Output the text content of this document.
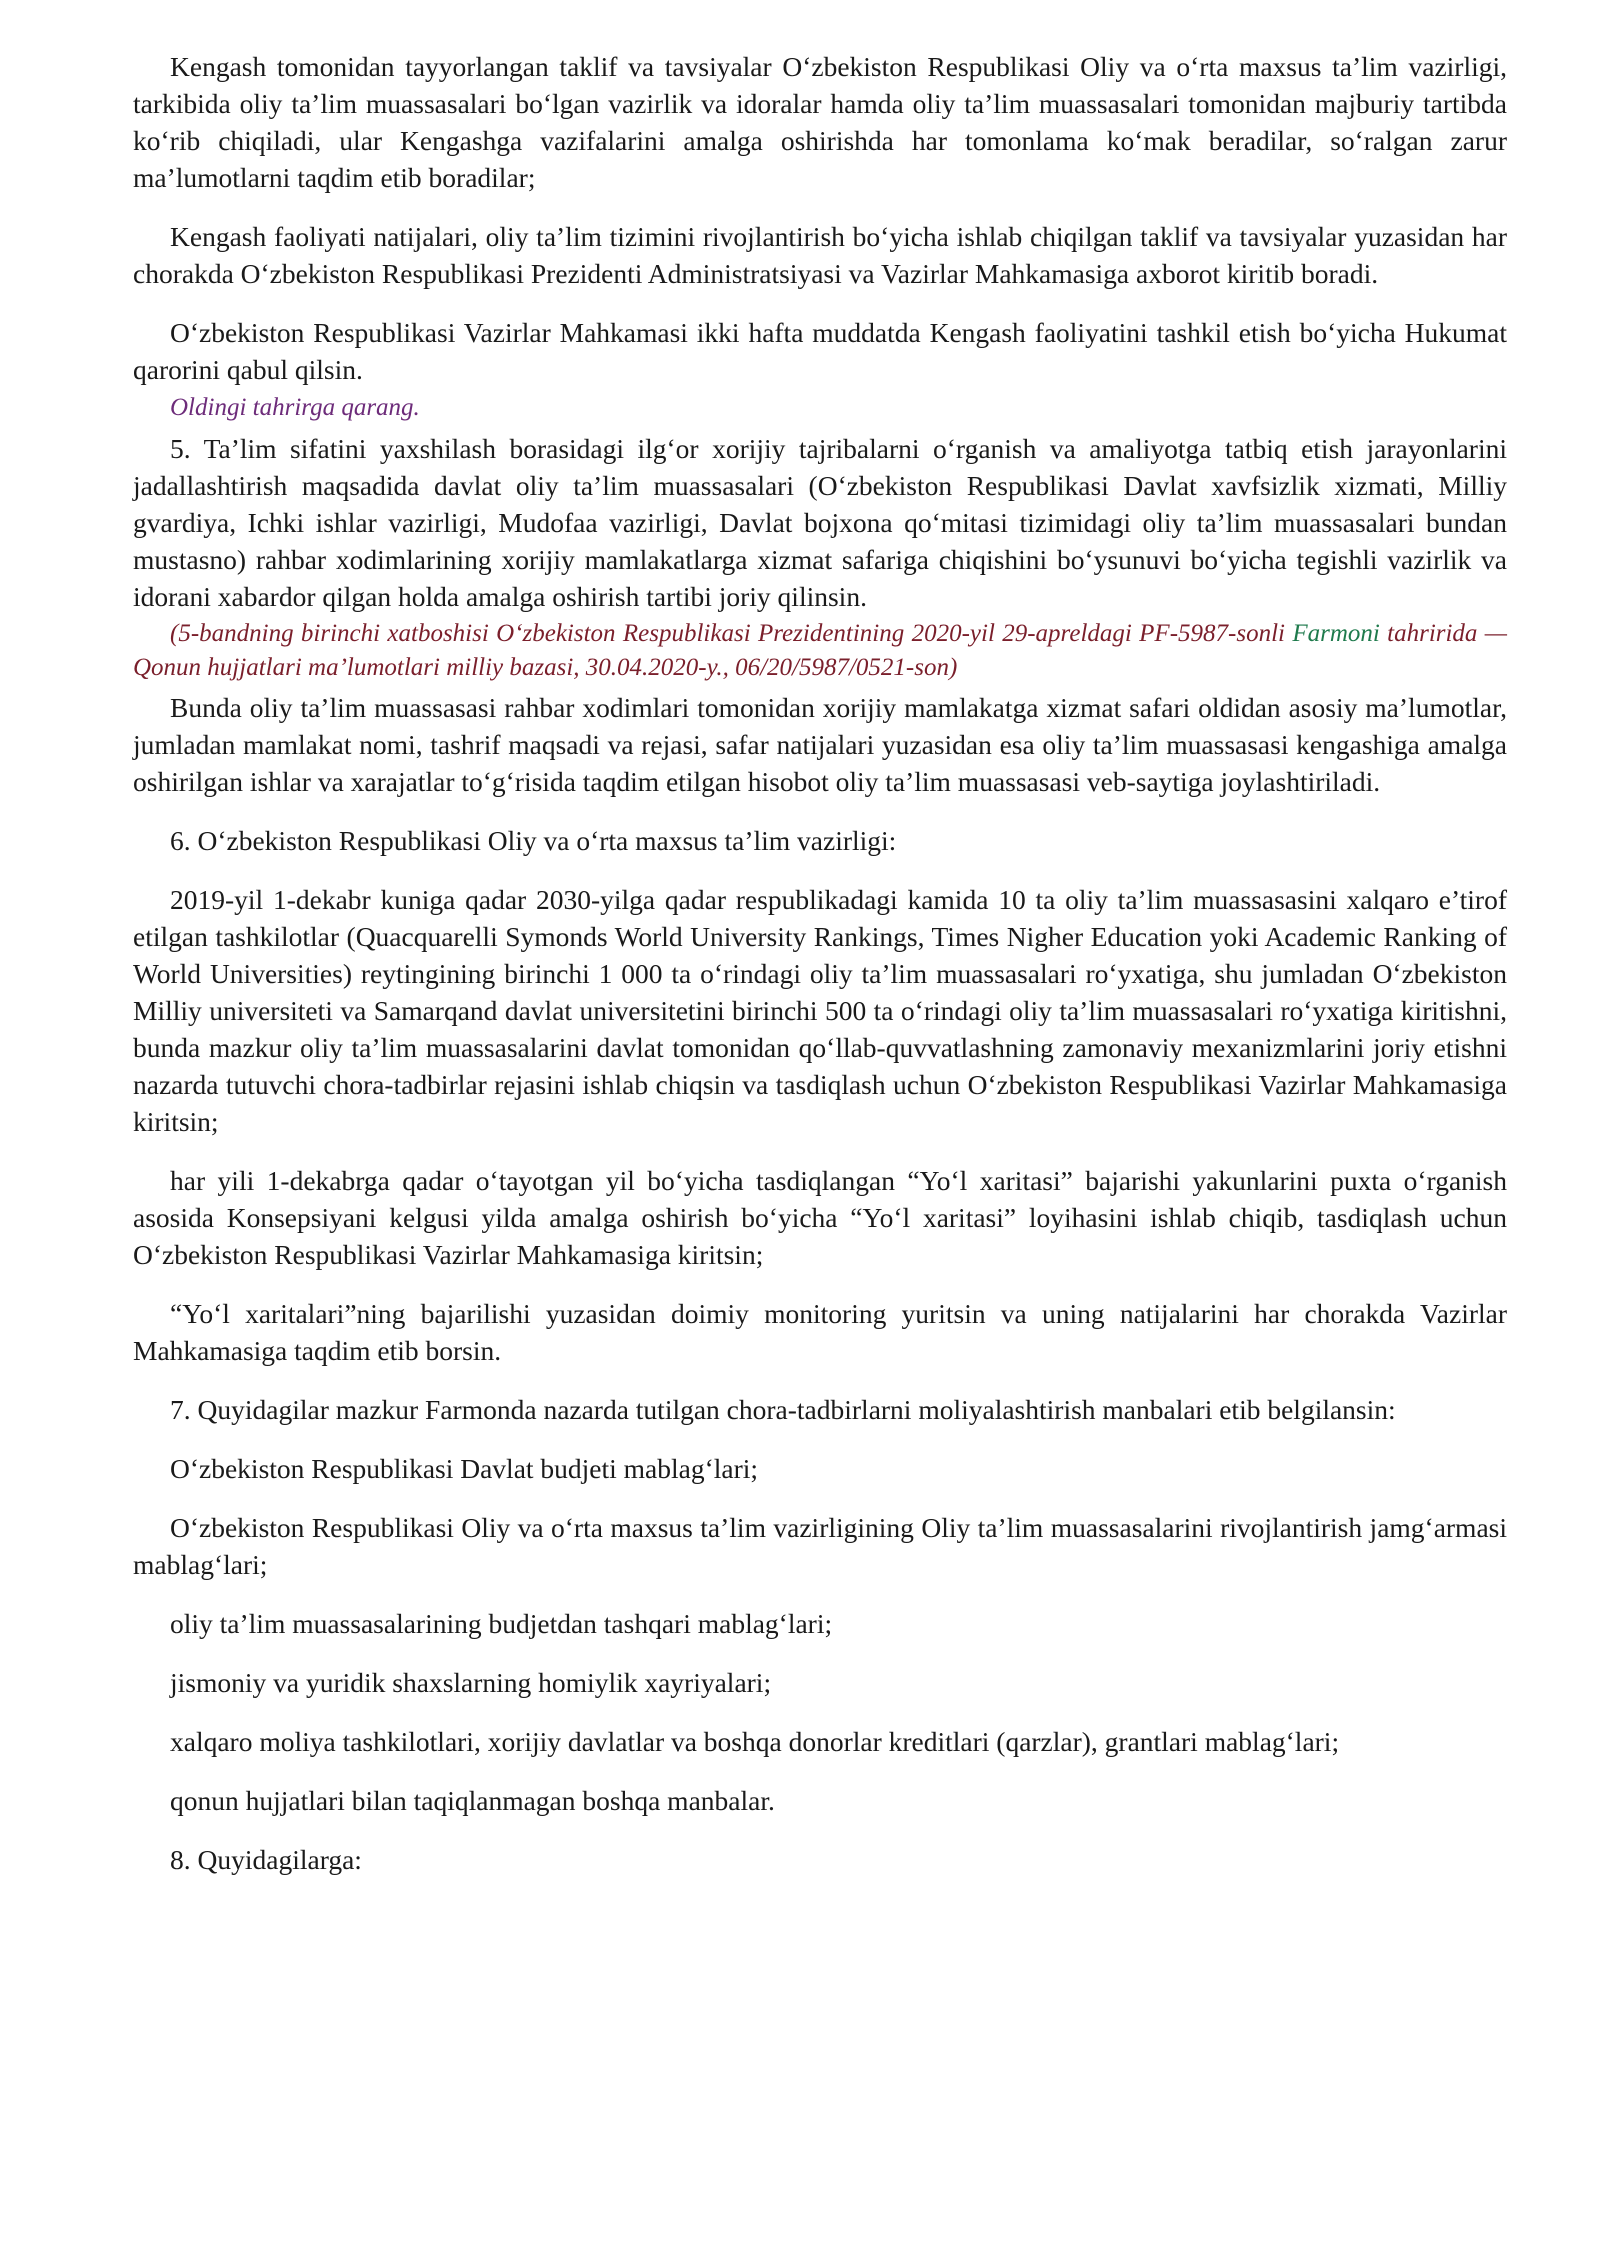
Kengash tomonidan tayyorlangan taklif va tavsiyalar O‘zbekiston Respublikasi Oliy va o‘rta maxsus ta’lim vazirligi, tarkibida oliy ta’lim muassasalari bo‘lgan vazirlik va idoralar hamda oliy ta’lim muassasalari tomonidan majburiy tartibda ko‘rib chiqiladi, ular Kengashga vazifalarini amalga oshirishda har tomonlama ko‘mak beradilar, so‘ralgan zarur ma’lumotlarni taqdim etib boradilar;

Kengash faoliyati natijalari, oliy ta’lim tizimini rivojlantirish bo‘yicha ishlab chiqilgan taklif va tavsiyalar yuzasidan har chorakda O‘zbekiston Respublikasi Prezidenti Administratsiyasi va Vazirlar Mahkamasiga axborot kiritib boradi.

O‘zbekiston Respublikasi Vazirlar Mahkamasi ikki hafta muddatda Kengash faoliyatini tashkil etish bo‘yicha Hukumat qarorini qabul qilsin.

Oldingi tahrirga qarang.

5. Ta’lim sifatini yaxshilash borasidagi ilg‘or xorijiy tajribalarni o‘rganish va amaliyotga tatbiq etish jarayonlarini jadallashtirish maqsadida davlat oliy ta’lim muassasalari (O‘zbekiston Respublikasi Davlat xavfsizlik xizmati, Milliy gvardiya, Ichki ishlar vazirligi, Mudofaa vazirligi, Davlat bojxona qo‘mitasi tizimidagi oliy ta’lim muassasalari bundan mustasno) rahbar xodimlarining xorijiy mamlakatlarga xizmat safariga chiqishini bo‘ysunuvi bo‘yicha tegishli vazirlik va idorani xabardor qilgan holda amalga oshirish tartibi joriy qilinsin.

(5-bandning birinchi xatboshisi O‘zbekiston Respublikasi Prezidentining 2020-yil 29-apreldagi PF-5987-sonli Farmoni tahririda — Qonun hujjatlari ma’lumotlari milliy bazasi, 30.04.2020-y., 06/20/5987/0521-son)

Bunda oliy ta’lim muassasasi rahbar xodimlari tomonidan xorijiy mamlakatga xizmat safari oldidan asosiy ma’lumotlar, jumladan mamlakat nomi, tashrif maqsadi va rejasi, safar natijalari yuzasidan esa oliy ta’lim muassasasi kengashiga amalga oshirilgan ishlar va xarajatlar to‘g‘risida taqdim etilgan hisobot oliy ta’lim muassasasi veb-saytiga joylashtiriladi.

6. O‘zbekiston Respublikasi Oliy va o‘rta maxsus ta’lim vazirligi:

2019-yil 1-dekabr kuniga qadar 2030-yilga qadar respublikadagi kamida 10 ta oliy ta’lim muassasasini xalqaro e’tirof etilgan tashkilotlar (Quacquarelli Symonds World University Rankings, Times Nigher Education yoki Academic Ranking of World Universities) reytingining birinchi 1 000 ta o‘rindagi oliy ta’lim muassasalari ro‘yxatiga, shu jumladan O‘zbekiston Milliy universiteti va Samarqand davlat universitetini birinchi 500 ta o‘rindagi oliy ta’lim muassasalari ro‘yxatiga kiritishni, bunda mazkur oliy ta’lim muassasalarini davlat tomonidan qo‘llab-quvvatlashning zamonaviy mexanizmlarini joriy etishni nazarda tutuvchi chora-tadbirlar rejasini ishlab chiqsin va tasdiqlash uchun O‘zbekiston Respublikasi Vazirlar Mahkamasiga kiritsin;

har yili 1-dekabrga qadar o‘tayotgan yil bo‘yicha tasdiqlangan “Yo‘l xaritasi” bajarishi yakunlarini puxta o‘rganish asosida Konsepsiyani kelgusi yilda amalga oshirish bo‘yicha “Yo‘l xaritasi” loyihasini ishlab chiqib, tasdiqlash uchun O‘zbekiston Respublikasi Vazirlar Mahkamasiga kiritsin;

“Yo‘l xaritalari”ning bajarilishi yuzasidan doimiy monitoring yuritsin va uning natijalarini har chorakda Vazirlar Mahkamasiga taqdim etib borsin.

7. Quyidagilar mazkur Farmonda nazarda tutilgan chora-tadbirlarni moliyalashtirish manbalari etib belgilansin:

O‘zbekiston Respublikasi Davlat budjeti mablag‘lari;

O‘zbekiston Respublikasi Oliy va o‘rta maxsus ta’lim vazirligining Oliy ta’lim muassasalarini rivojlantirish jamg‘armasi mablag‘lari;

oliy ta’lim muassasalarining budjetdan tashqari mablag‘lari;

jismoniy va yuridik shaxslarning homiylik xayriyalari;

xalqaro moliya tashkilotlari, xorijiy davlatlar va boshqa donorlar kreditlari (qarzlar), grantlari mablag‘lari;

qonun hujjatlari bilan taqiqlanmagan boshqa manbalar.

8. Quyidagilarga:
